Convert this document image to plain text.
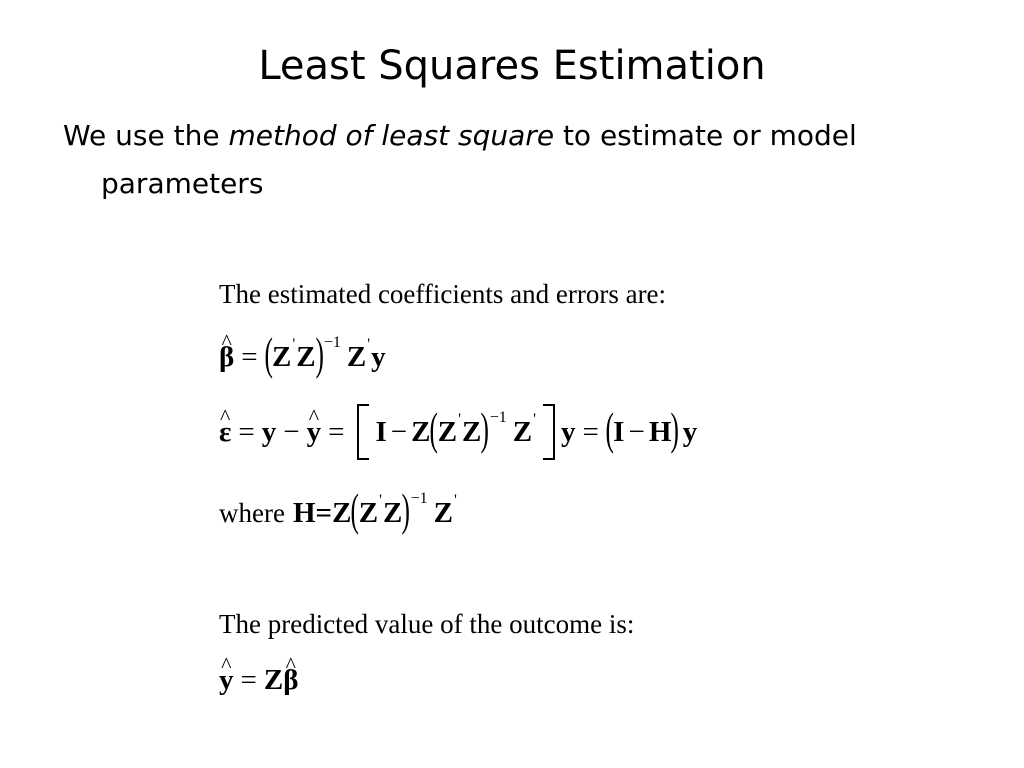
Least Squares Estimation
We use the method of least square to estimate or model parameters
The estimated coefficients and errors are:
β ^ = ( Z ' Z ) −1 Z ' y
ε ^ = y − y ^ = I − Z ( Z ' Z ) −1 Z ' y = ( I − H ) y
where H = Z ( Z ' Z ) −1 Z '
The predicted value of the outcome is:
y ^ = Z β ^
